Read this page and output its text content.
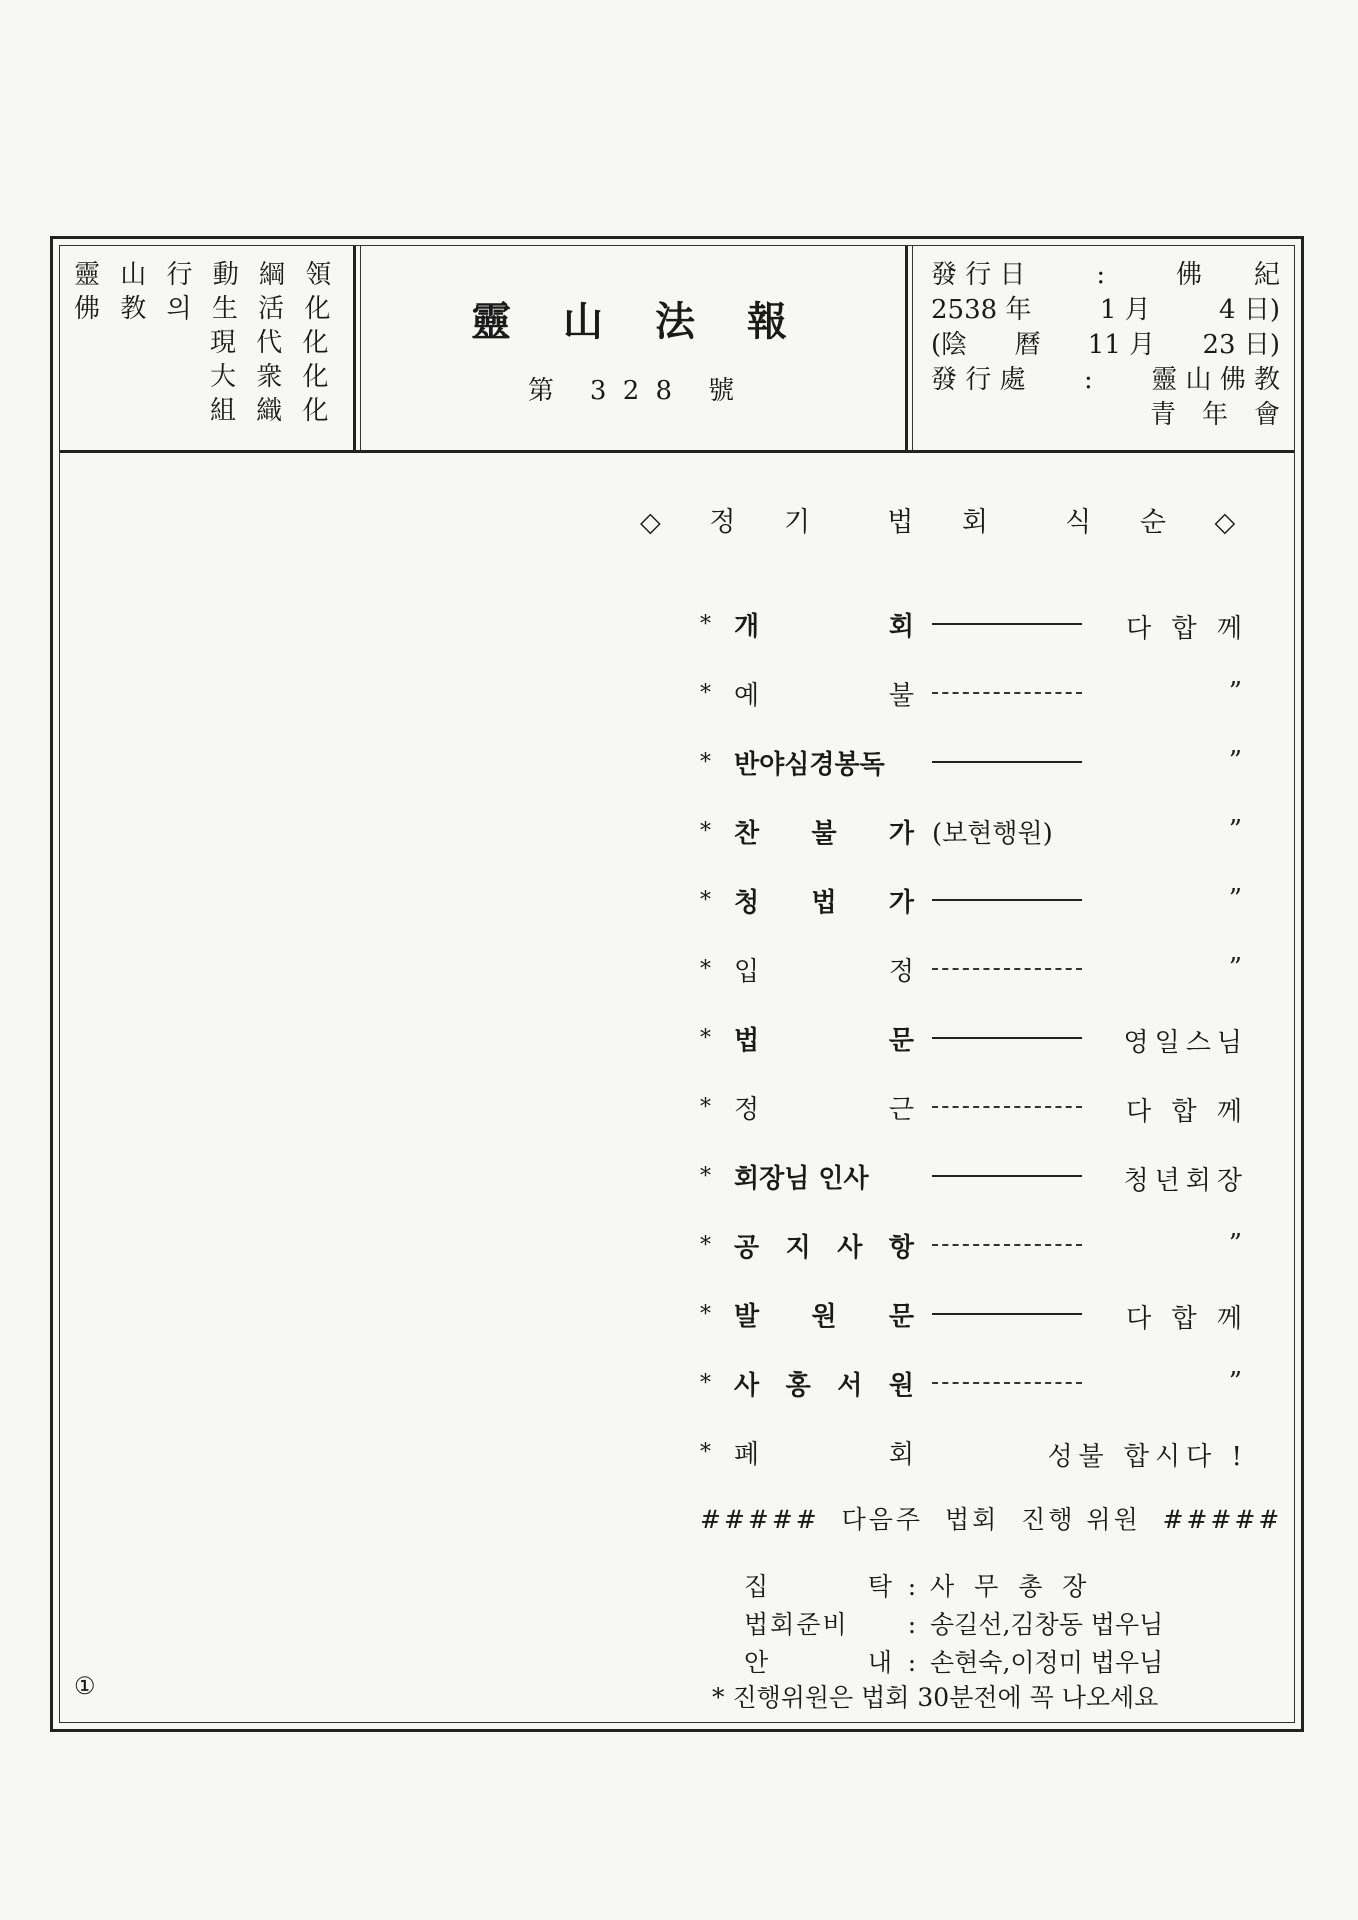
靈 山 行 動 綱 領
佛 教 의 生 活 化
現 代 化
大 衆 化
組 織 化
靈 山 法 報
第 3 2 8 號
發 行 日	:	佛　　紀
2538 年	1 月	4 日)
(陰 曆 11 月 23 日)
發 行 處 : 靈 山 佛 教
青　年　會
◇ 정 기  법 회  식 순 ◇
* 개	회	다 합 께
* 예	불	”
* 반야심경봉독	”
* 찬 불 가 (보현행원)	”
* 청 법 가	”
* 입	정	”
* 법	문	영일스님
* 정	근	다 합 께
* 회장님 인사	청년회장
* 공 지 사 항	”
* 발 원 문	다 합 께
* 사 홍 서 원	”
* 폐	회	성불 합시다 !
#####  다음주  법회  진행 위원  #####
집	탁 : 사 무 총 장
법회준비	: 송길선,김창동 법우님
안	내 : 손현숙,이정미 법우님
* 진행위원은 법회 30분전에 꼭 나오세요
①
